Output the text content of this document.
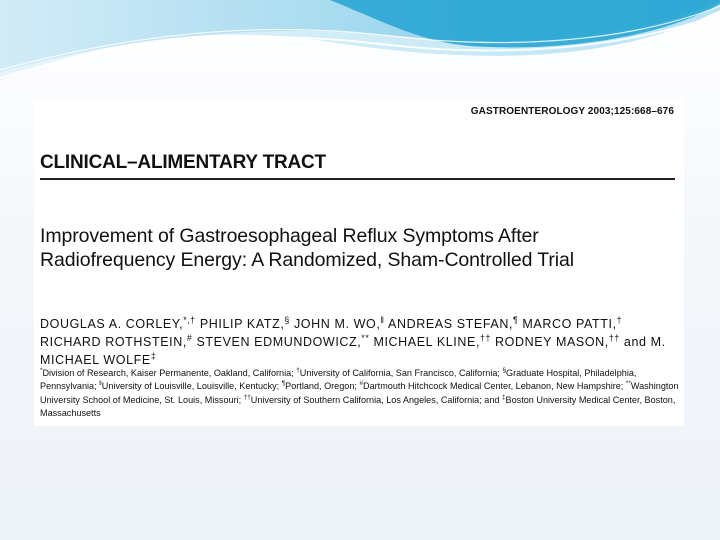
GASTROENTEROLOGY 2003;125:668–676
CLINICAL–ALIMENTARY TRACT
Improvement of Gastroesophageal Reflux Symptoms After
Radiofrequency Energy: A Randomized, Sham-Controlled Trial
DOUGLAS A. CORLEY,*,† PHILIP KATZ,§ JOHN M. WO,‖ ANDREAS STEFAN,¶ MARCO PATTI,† RICHARD ROTHSTEIN,# STEVEN EDMUNDOWICZ,** MICHAEL KLINE,†† RODNEY MASON,†† and M. MICHAEL WOLFE‡
*Division of Research, Kaiser Permanente, Oakland, California; †University of California, San Francisco, California; §Graduate Hospital, Philadelphia, Pennsylvania; ‖University of Louisville, Louisville, Kentucky; ¶Portland, Oregon; #Dartmouth Hitchcock Medical Center, Lebanon, New Hampshire; **Washington University School of Medicine, St. Louis, Missouri; ††University of Southern California, Los Angeles, California; and ‡Boston University Medical Center, Boston, Massachusetts
